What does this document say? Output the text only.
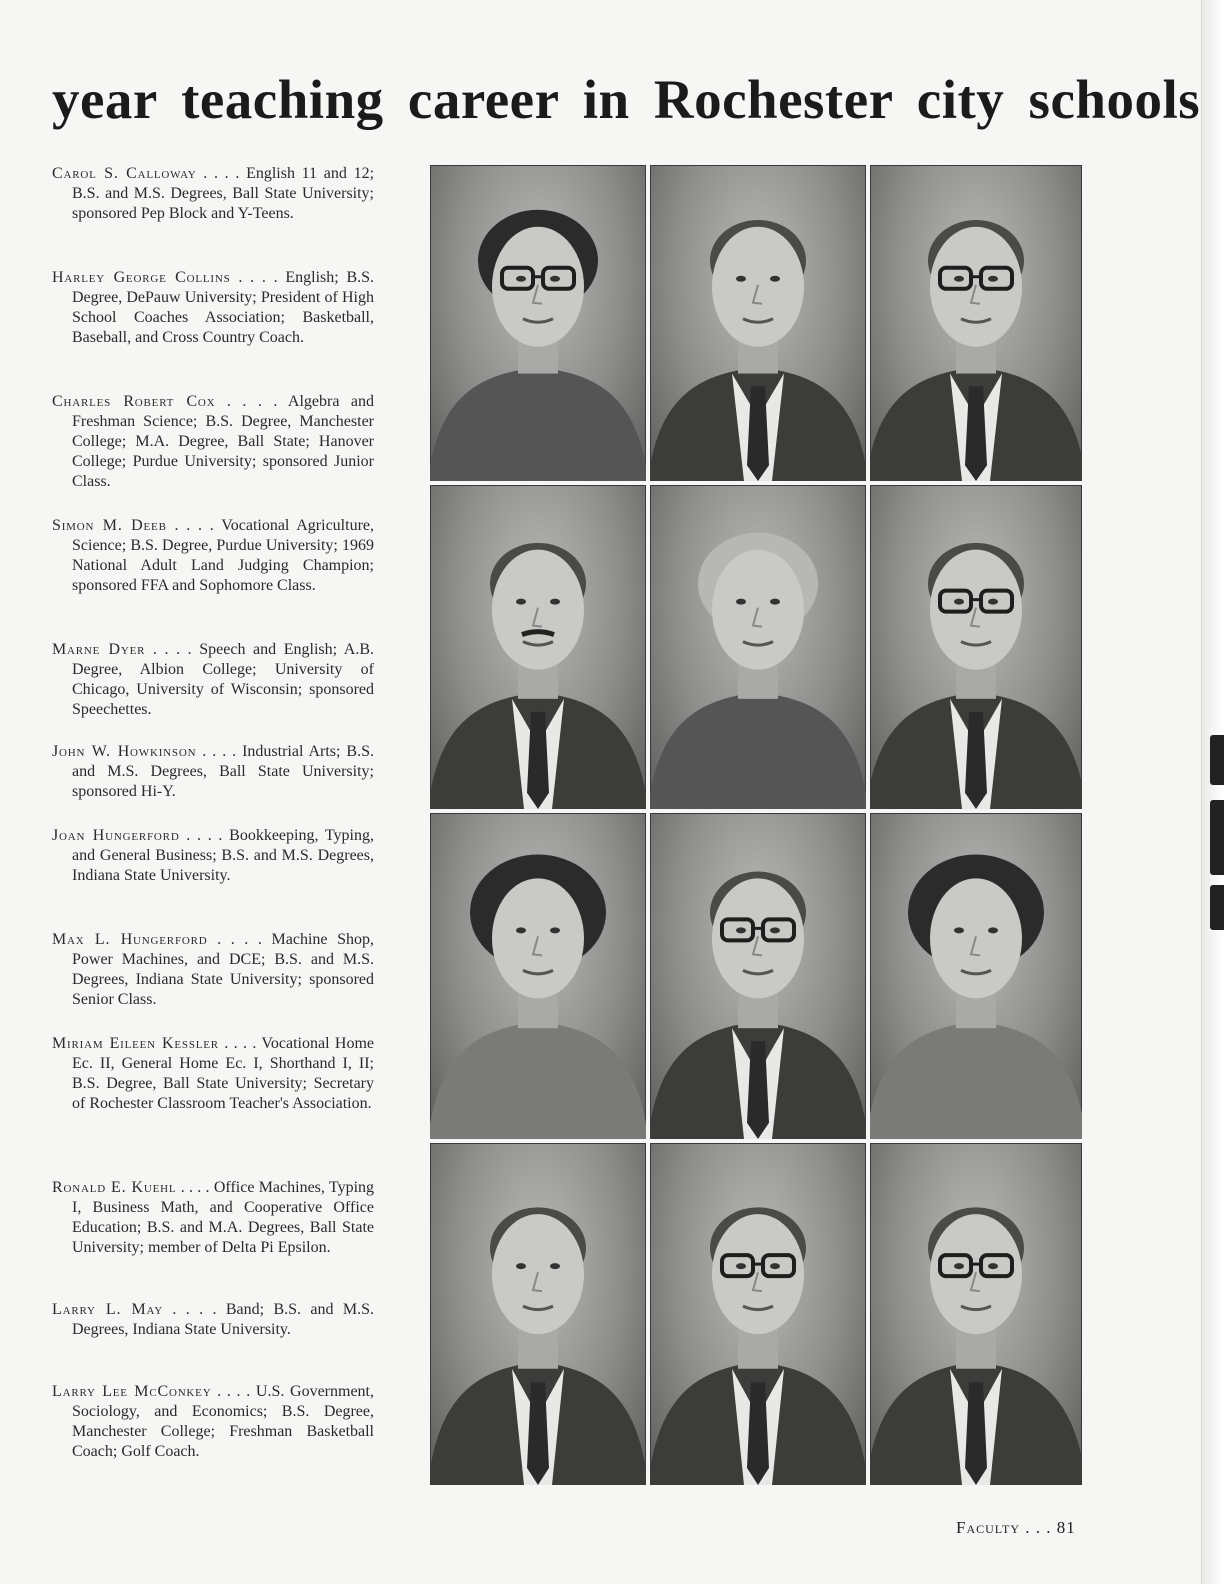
year teaching career in Rochester city schools

Carol S. Calloway . . . . English 11 and 12; B.S. and M.S. Degrees, Ball State University; sponsored Pep Block and Y-Teens.

Harley George Collins . . . . English; B.S. Degree, DePauw University; President of High School Coaches Association; Basketball, Baseball, and Cross Country Coach.

Charles Robert Cox . . . . Algebra and Freshman Science; B.S. Degree, Manchester College; M.A. Degree, Ball State; Hanover College; Purdue University; sponsored Junior Class.

Simon M. Deeb . . . . Vocational Agriculture, Science; B.S. Degree, Purdue University; 1969 National Adult Land Judging Champion; sponsored FFA and Sophomore Class.

Marne Dyer . . . . Speech and English; A.B. Degree, Albion College; University of Chicago, University of Wisconsin; sponsored Speechettes.

John W. Howkinson . . . . Industrial Arts; B.S. and M.S. Degrees, Ball State University; sponsored Hi-Y.

Joan Hungerford . . . . Bookkeeping, Typing, and General Business; B.S. and M.S. Degrees, Indiana State University.

Max L. Hungerford . . . . Machine Shop, Power Machines, and DCE; B.S. and M.S. Degrees, Indiana State University; sponsored Senior Class.

Miriam Eileen Kessler . . . . Vocational Home Ec. II, General Home Ec. I, Shorthand I, II; B.S. Degree, Ball State University; Secretary of Rochester Classroom Teacher's Association.

Ronald E. Kuehl . . . . Office Machines, Typing I, Business Math, and Cooperative Office Education; B.S. and M.A. Degrees, Ball State University; member of Delta Pi Epsilon.

Larry L. May . . . . Band; B.S. and M.S. Degrees, Indiana State University.

Larry Lee McConkey . . . . U.S. Government, Sociology, and Economics; B.S. Degree, Manchester College; Freshman Basketball Coach; Golf Coach.

Faculty . . . 81
